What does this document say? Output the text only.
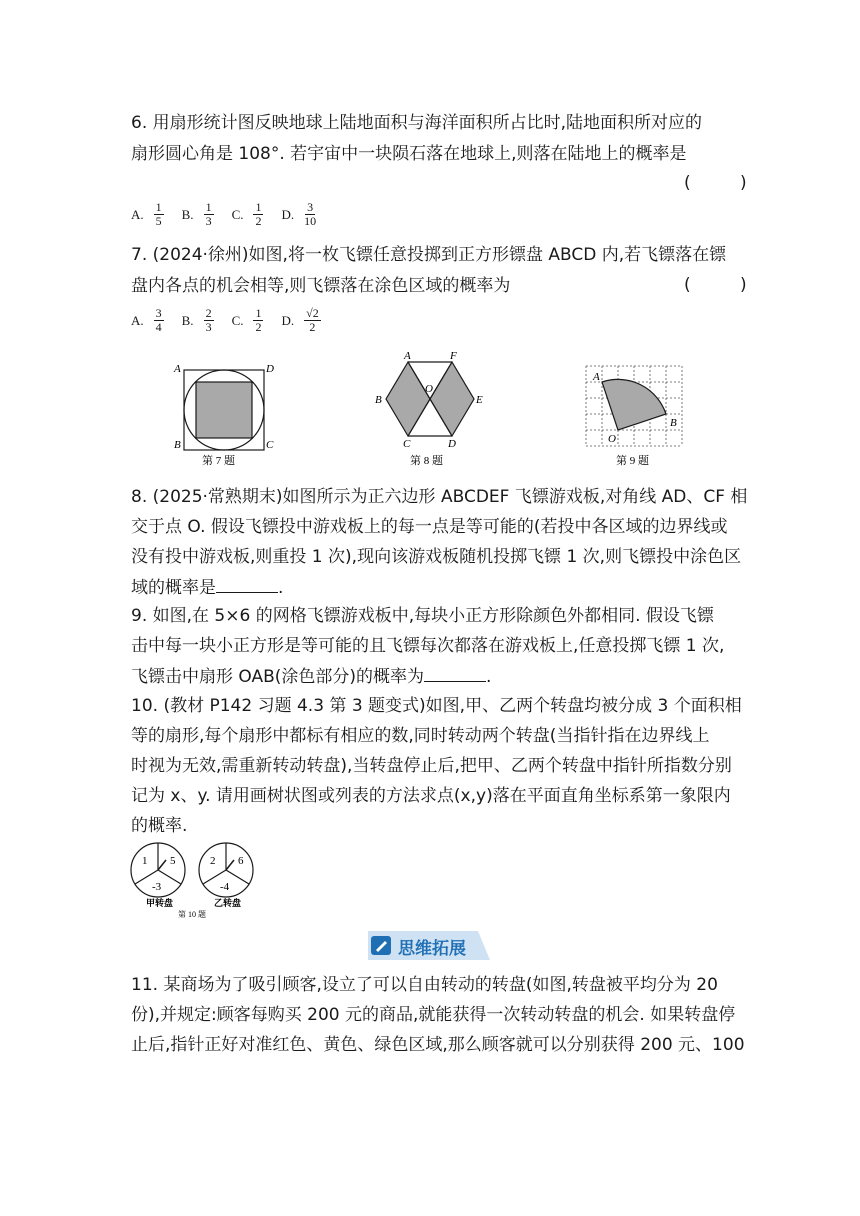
6. 用扇形统计图反映地球上陆地面积与海洋面积所占比时,陆地面积所对应的
扇形圆心角是 108°. 若宇宙中一块陨石落在地球上,则落在陆地上的概率是
( )
A. $\frac{1}{5} B$. $\frac{1}{3} C$. $\frac{1}{2} D$. $\frac{3}{10}$
7. (2024·徐州)如图,将一枚飞镖任意投掷到正方形镖盘 ABCD 内,若飞镖落在镖
盘内各点的机会相等,则飞镖落在涂色区域的概率为	( )
A. $\frac{3}{4} B$. $\frac{2}{3} C$. $\frac{1}{2} D$. $\frac{√2}{2}$
A	D
B	C
第 7 题
A	F
O
B	E
C	D
第 8 题
A
O
B
第 9 题
8. (2025·常熟期末)如图所示为正六边形 ABCDEF 飞镖游戏板,对角线 AD、CF 相
交于点 O. 假设飞镖投中游戏板上的每一点是等可能的(若投中各区域的边界线或
没有投中游戏板,则重投 1 次),现向该游戏板随机投掷飞镖 1 次,则飞镖投中涂色区
域的概率是	.
9. 如图,在 5×6 的网格飞镖游戏板中,每块小正方形除颜色外都相同. 假设飞镖
击中每一块小正方形是等可能的且飞镖每次都落在游戏板上,任意投掷飞镖 1 次,
飞镖击中扇形 OAB(涂色部分)的概率为	.
10. (教材 P142 习题 4.3 第 3 题变式)如图,甲、乙两个转盘均被分成 3 个面积相
等的扇形,每个扇形中都标有相应的数,同时转动两个转盘(当指针指在边界线上
时视为无效,需重新转动转盘),当转盘停止后,把甲、乙两个转盘中指针所指数分别
记为 x、y. 请用画树状图或列表的方法求点(x,y)落在平面直角坐标系第一象限内
的概率.
1 5
-3
甲转盘
2 6
-4
乙转盘
第 10 题
思维拓展
11. 某商场为了吸引顾客,设立了可以自由转动的转盘(如图,转盘被平均分为 20
份),并规定:顾客每购买 200 元的商品,就能获得一次转动转盘的机会. 如果转盘停
止后,指针正好对准红色、黄色、绿色区域,那么顾客就可以分别获得 200 元、100
